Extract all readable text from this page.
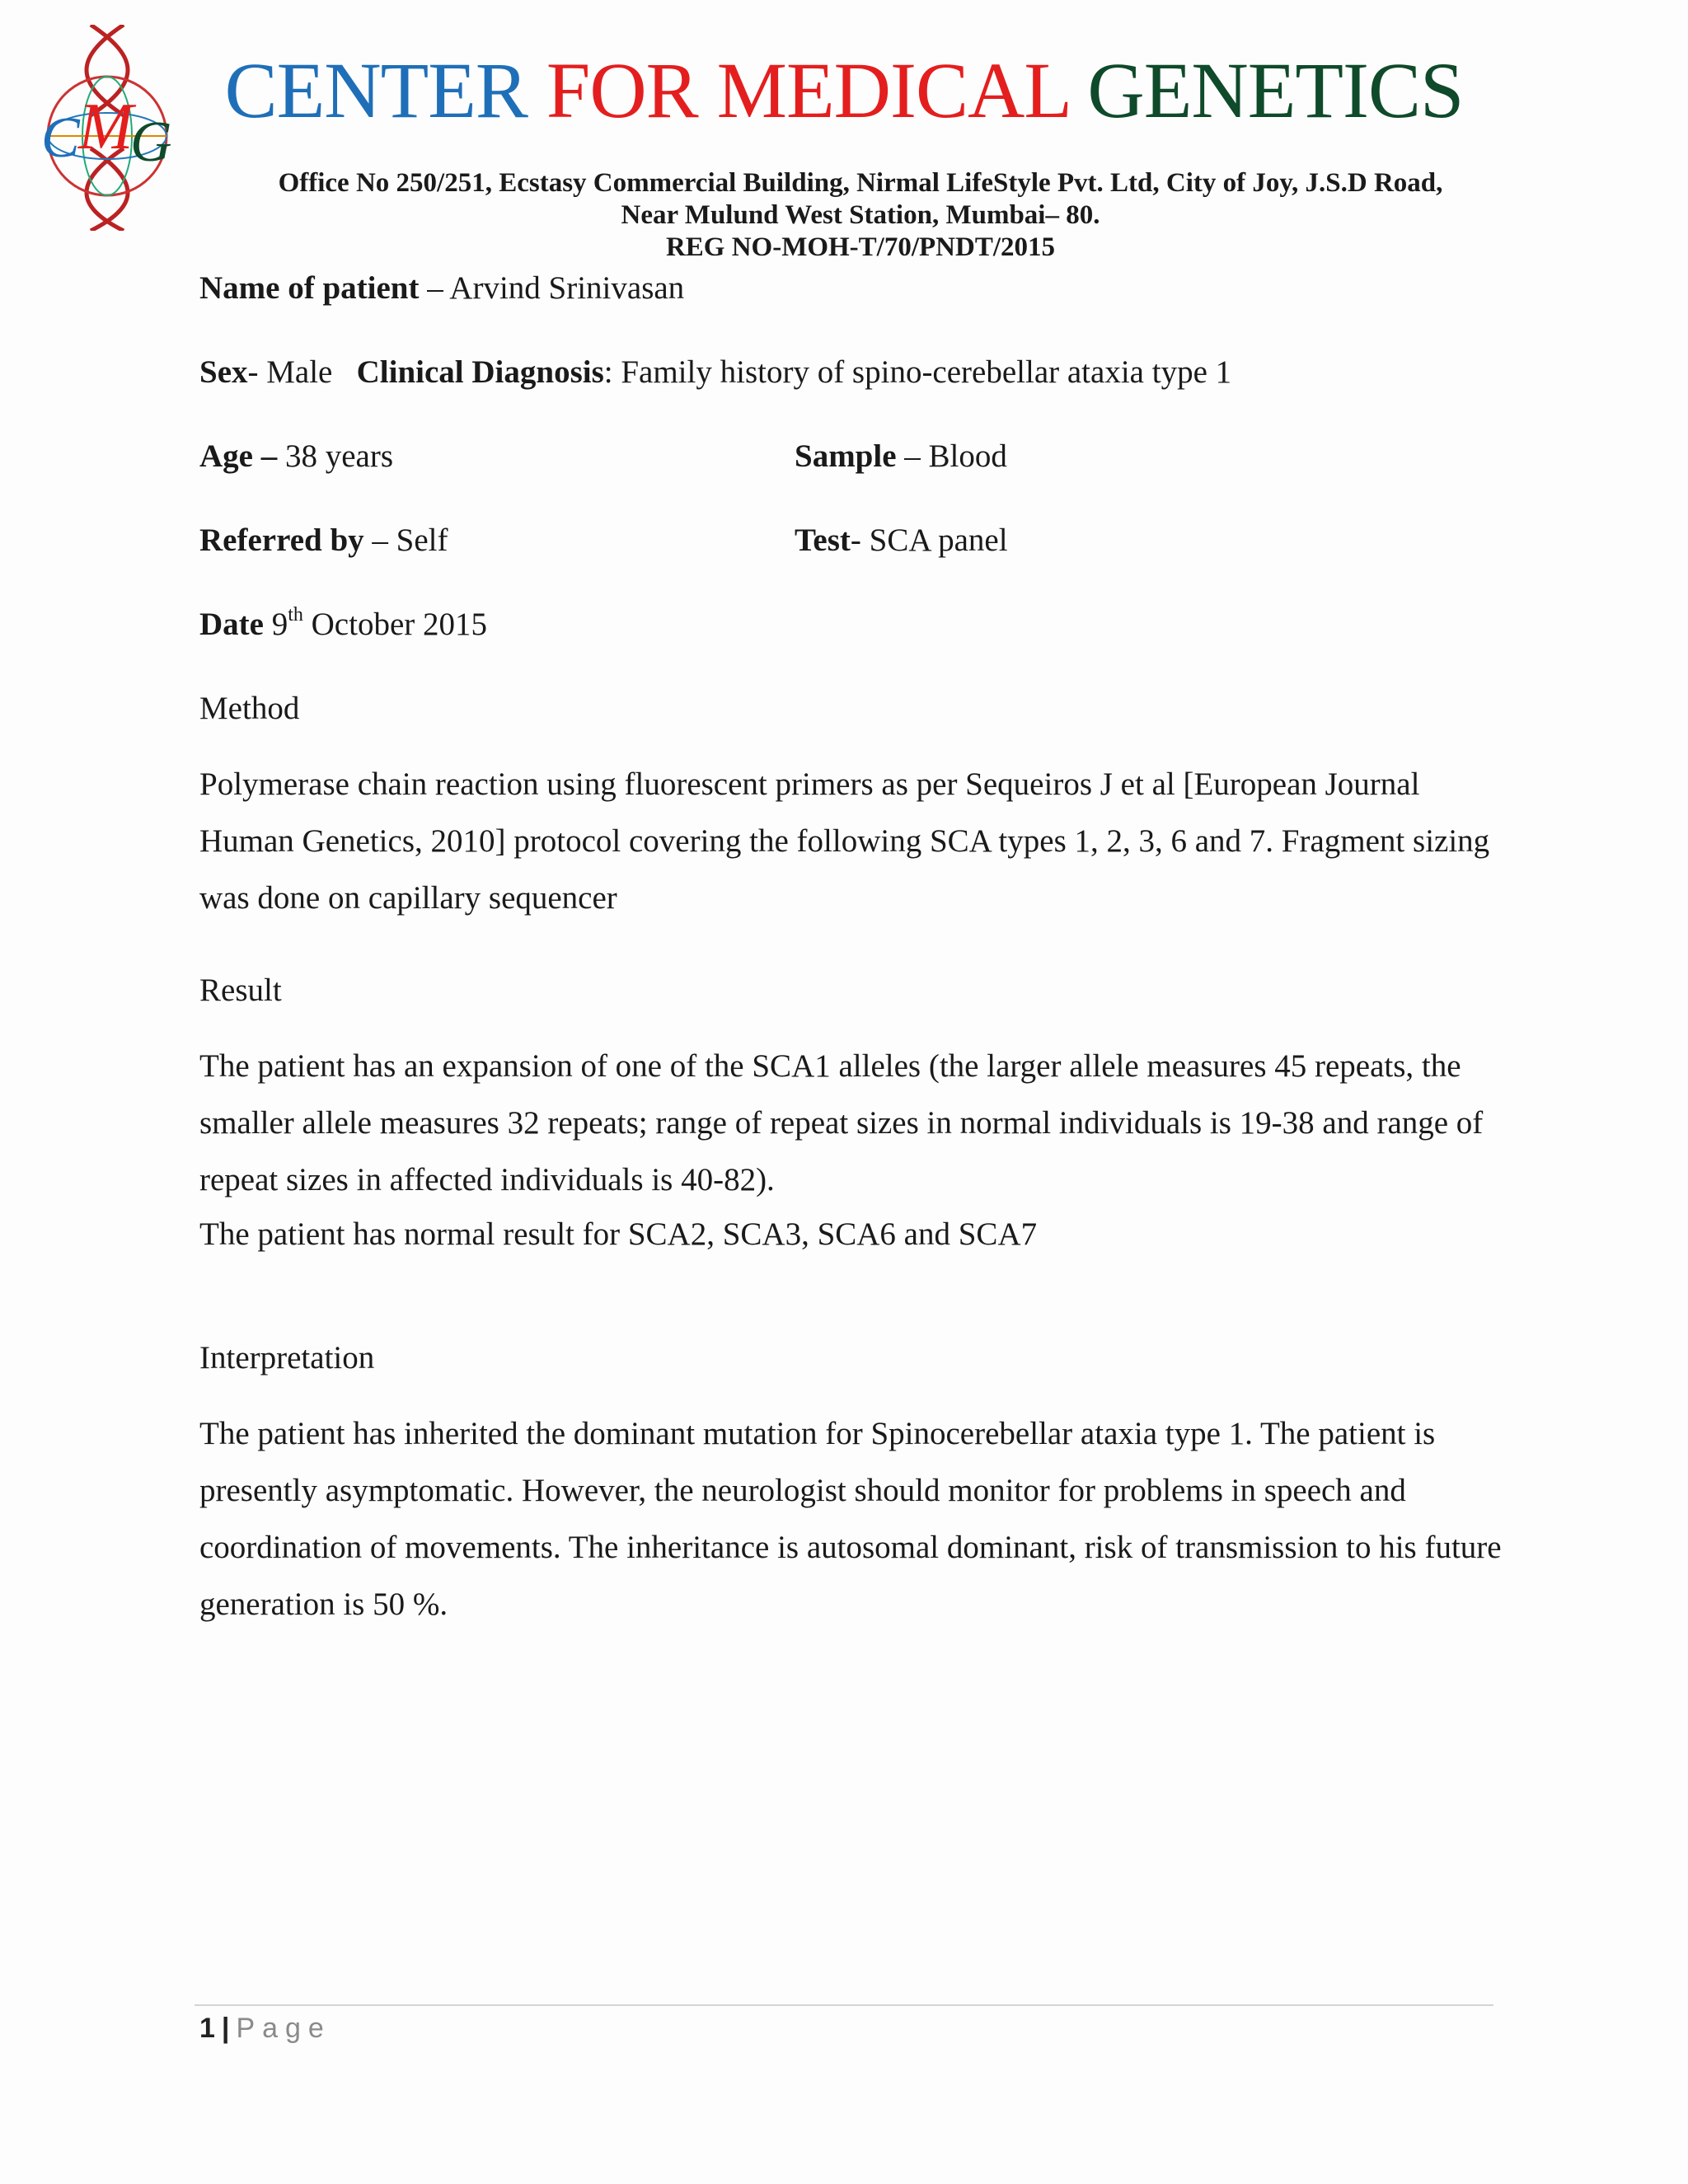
C
M
G
CENTER FOR MEDICAL GENETICS
Office No 250/251, Ecstasy Commercial Building, Nirmal LifeStyle Pvt. Ltd, City of Joy, J.S.D Road,
Near Mulund West Station, Mumbai– 80.
REG NO-MOH-T/70/PNDT/2015
Name of patient – Arvind Srinivasan
Sex- Male Clinical Diagnosis: Family history of spino-cerebellar ataxia type 1
Age – 38 years	Sample – Blood
Referred by – Self	Test- SCA panel
Date 9th October 2015
Method
Polymerase chain reaction using fluorescent primers as per Sequeiros J et al [European Journal Human Genetics, 2010] protocol covering the following SCA types 1, 2, 3, 6 and 7. Fragment sizing was done on capillary sequencer
Result
The patient has an expansion of one of the SCA1 alleles (the larger allele measures 45 repeats, the smaller allele measures 32 repeats; range of repeat sizes in normal individuals is 19-38 and range of repeat sizes in affected individuals is 40-82).
The patient has normal result for SCA2, SCA3, SCA6 and SCA7
Interpretation
The patient has inherited the dominant mutation for Spinocerebellar ataxia type 1. The patient is presently asymptomatic. However, the neurologist should monitor for problems in speech and coordination of movements. The inheritance is autosomal dominant, risk of transmission to his future generation is 50 %.
1 | Page
